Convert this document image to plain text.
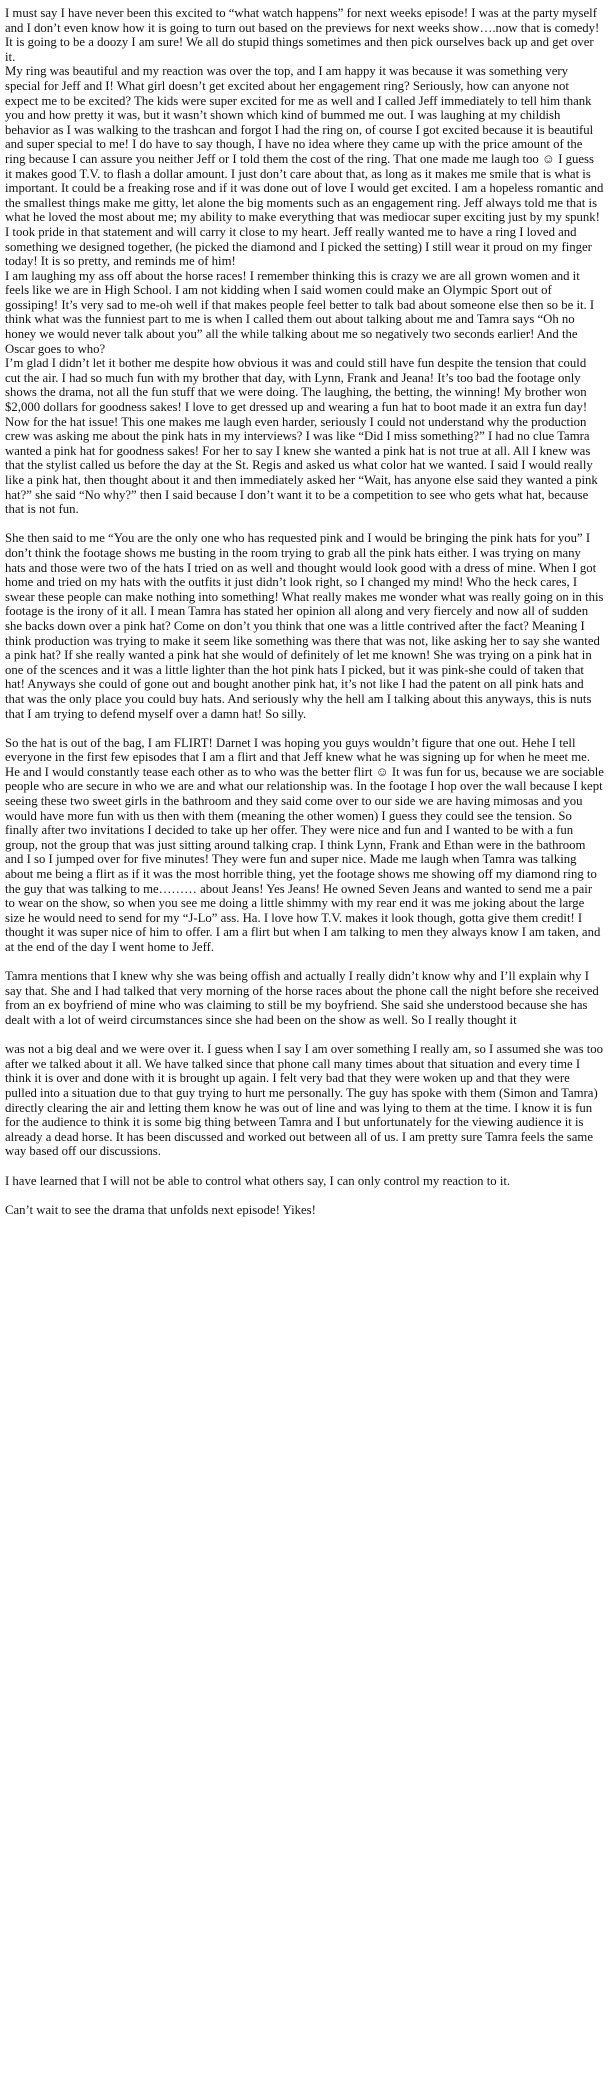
I must say I have never been this excited to “what watch happens” for next weeks episode! I was at the party myself and I don’t even know how it is going to turn out based on the previews for next weeks show….now that is comedy! It is going to be a doozy I am sure! We all do stupid things sometimes and then pick ourselves back up and get over it.

My ring was beautiful and my reaction was over the top, and I am happy it was because it was something very special for Jeff and I! What girl doesn’t get excited about her engagement ring? Seriously, how can anyone not expect me to be excited? The kids were super excited for me as well and I called Jeff immediately to tell him thank you and how pretty it was, but it wasn’t shown which kind of bummed me out. I was laughing at my childish behavior as I was walking to the trashcan and forgot I had the ring on, of course I got excited because it is beautiful and super special to me! I do have to say though, I have no idea where they came up with the price amount of the ring because I can assure you neither Jeff or I told them the cost of the ring. That one made me laugh too ☺ I guess it makes good T.V. to flash a dollar amount. I just don’t care about that, as long as it makes me smile that is what is important. It could be a freaking rose and if it was done out of love I would get excited. I am a hopeless romantic and the smallest things make me gitty, let alone the big moments such as an engagement ring. Jeff always told me that is what he loved the most about me; my ability to make everything that was mediocar super exciting just by my spunk! I took pride in that statement and will carry it close to my heart. Jeff really wanted me to have a ring I loved and something we designed together, (he picked the diamond and I picked the setting) I still wear it proud on my finger today! It is so pretty, and reminds me of him!

I am laughing my ass off about the horse races! I remember thinking this is crazy we are all grown women and it feels like we are in High School. I am not kidding when I said women could make an Olympic Sport out of gossiping! It’s very sad to me-oh well if that makes people feel better to talk bad about someone else then so be it. I think what was the funniest part to me is when I called them out about talking about me and Tamra says “Oh no honey we would never talk about you” all the while talking about me so negatively two seconds earlier! And the Oscar goes to who?

I’m glad I didn’t let it bother me despite how obvious it was and could still have fun despite the tension that could cut the air. I had so much fun with my brother that day, with Lynn, Frank and Jeana! It’s too bad the footage only shows the drama, not all the fun stuff that we were doing. The laughing, the betting, the winning! My brother won $2,000 dollars for goodness sakes! I love to get dressed up and wearing a fun hat to boot made it an extra fun day!

Now for the hat issue! This one makes me laugh even harder, seriously I could not understand why the production crew was asking me about the pink hats in my interviews? I was like “Did I miss something?” I had no clue Tamra wanted a pink hat for goodness sakes! For her to say I knew she wanted a pink hat is not true at all. All I knew was that the stylist called us before the day at the St. Regis and asked us what color hat we wanted. I said I would really like a pink hat, then thought about it and then immediately asked her “Wait, has anyone else said they wanted a pink hat?” she said “No why?” then I said because I don’t want it to be a competition to see who gets what hat, because that is not fun.

She then said to me “You are the only one who has requested pink and I would be bringing the pink hats for you” I don’t think the footage shows me busting in the room trying to grab all the pink hats either. I was trying on many hats and those were two of the hats I tried on as well and thought would look good with a dress of mine. When I got home and tried on my hats with the outfits it just didn’t look right, so I changed my mind! Who the heck cares, I swear these people can make nothing into something! What really makes me wonder what was really going on in this footage is the irony of it all. I mean Tamra has stated her opinion all along and very fiercely and now all of sudden she backs down over a pink hat? Come on don’t you think that one was a little contrived after the fact? Meaning I think production was trying to make it seem like something was there that was not, like asking her to say she wanted a pink hat? If she really wanted a pink hat she would of definitely of let me known! She was trying on a pink hat in one of the scences and it was a little lighter than the hot pink hats I picked, but it was pink-she could of taken that hat! Anyways she could of gone out and bought another pink hat, it’s not like I had the patent on all pink hats and that was the only place you could buy hats. And seriously why the hell am I talking about this anyways, this is nuts that I am trying to defend myself over a damn hat! So silly.

So the hat is out of the bag, I am FLIRT! Darnet I was hoping you guys wouldn’t figure that one out. Hehe I tell everyone in the first few episodes that I am a flirt and that Jeff knew what he was signing up for when he meet me. He and I would constantly tease each other as to who was the better flirt ☺ It was fun for us, because we are sociable people who are secure in who we are and what our relationship was. In the footage I hop over the wall because I kept seeing these two sweet girls in the bathroom and they said come over to our side we are having mimosas and you would have more fun with us then with them (meaning the other women) I guess they could see the tension. So finally after two invitations I decided to take up her offer. They were nice and fun and I wanted to be with a fun group, not the group that was just sitting around talking crap. I think Lynn, Frank and Ethan were in the bathroom and I so I jumped over for five minutes! They were fun and super nice. Made me laugh when Tamra was talking about me being a flirt as if it was the most horrible thing, yet the footage shows me showing off my diamond ring to the guy that was talking to me……… about Jeans! Yes Jeans! He owned Seven Jeans and wanted to send me a pair to wear on the show, so when you see me doing a little shimmy with my rear end it was me joking about the large size he would need to send for my “J-Lo” ass. Ha. I love how T.V. makes it look though, gotta give them credit! I thought it was super nice of him to offer. I am a flirt but when I am talking to men they always know I am taken, and at the end of the day I went home to Jeff.

Tamra mentions that I knew why she was being offish and actually I really didn’t know why and I’ll explain why I say that. She and I had talked that very morning of the horse races about the phone call the night before she received from an ex boyfriend of mine who was claiming to still be my boyfriend. She said she understood because she has dealt with a lot of weird circumstances since she had been on the show as well. So I really thought it

was not a big deal and we were over it. I guess when I say I am over something I really am, so I assumed she was too after we talked about it all. We have talked since that phone call many times about that situation and every time I think it is over and done with it is brought up again. I felt very bad that they were woken up and that they were pulled into a situation due to that guy trying to hurt me personally. The guy has spoke with them (Simon and Tamra) directly clearing the air and letting them know he was out of line and was lying to them at the time. I know it is fun for the audience to think it is some big thing between Tamra and I but unfortunately for the viewing audience it is already a dead horse. It has been discussed and worked out between all of us. I am pretty sure Tamra feels the same way based off our discussions.

I have learned that I will not be able to control what others say, I can only control my reaction to it.

Can’t wait to see the drama that unfolds next episode! Yikes!
